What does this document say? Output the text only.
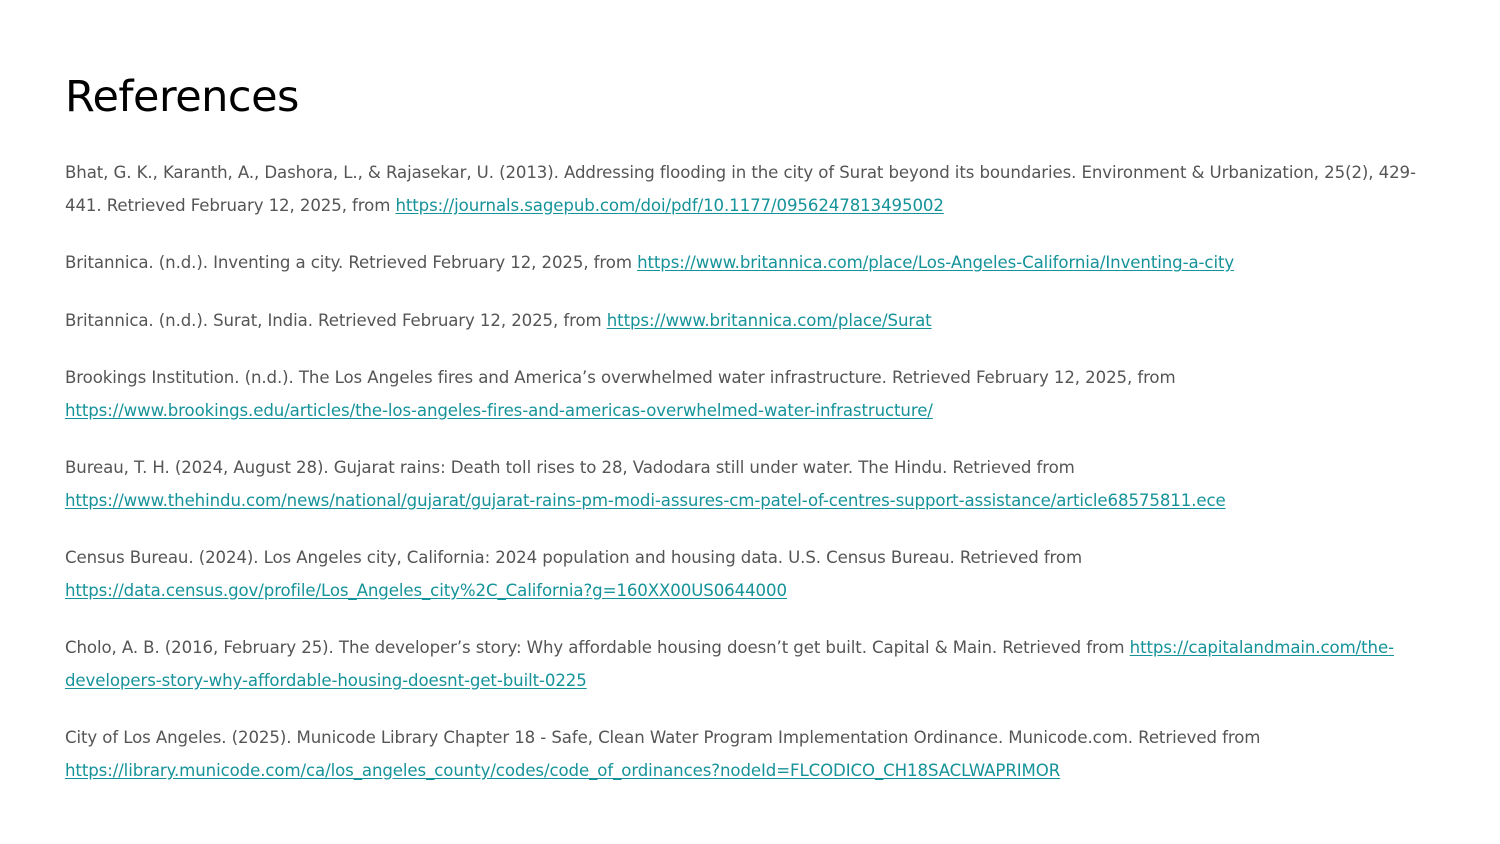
References

Bhat, G. K., Karanth, A., Dashora, L., & Rajasekar, U. (2013). Addressing flooding in the city of Surat beyond its boundaries. Environment & Urbanization, 25(2), 429-441. Retrieved February 12, 2025, from https://journals.sagepub.com/doi/pdf/10.1177/0956247813495002

Britannica. (n.d.). Inventing a city. Retrieved February 12, 2025, from https://www.britannica.com/place/Los-Angeles-California/Inventing-a-city

Britannica. (n.d.). Surat, India. Retrieved February 12, 2025, from https://www.britannica.com/place/Surat

Brookings Institution. (n.d.). The Los Angeles fires and America’s overwhelmed water infrastructure. Retrieved February 12, 2025, from https://www.brookings.edu/articles/the-los-angeles-fires-and-americas-overwhelmed-water-infrastructure/

Bureau, T. H. (2024, August 28). Gujarat rains: Death toll rises to 28, Vadodara still under water. The Hindu. Retrieved from https://www.thehindu.com/news/national/gujarat/gujarat-rains-pm-modi-assures-cm-patel-of-centres-support-assistance/article68575811.ece

Census Bureau. (2024). Los Angeles city, California: 2024 population and housing data. U.S. Census Bureau. Retrieved from https://data.census.gov/profile/Los_Angeles_city%2C_California?g=160XX00US0644000

Cholo, A. B. (2016, February 25). The developer’s story: Why affordable housing doesn’t get built. Capital & Main. Retrieved from https://capitalandmain.com/the-developers-story-why-affordable-housing-doesnt-get-built-0225

City of Los Angeles. (2025). Municode Library Chapter 18 - Safe, Clean Water Program Implementation Ordinance. Municode.com. Retrieved from https://library.municode.com/ca/los_angeles_county/codes/code_of_ordinances?nodeId=FLCODICO_CH18SACLWAPRIMOR
